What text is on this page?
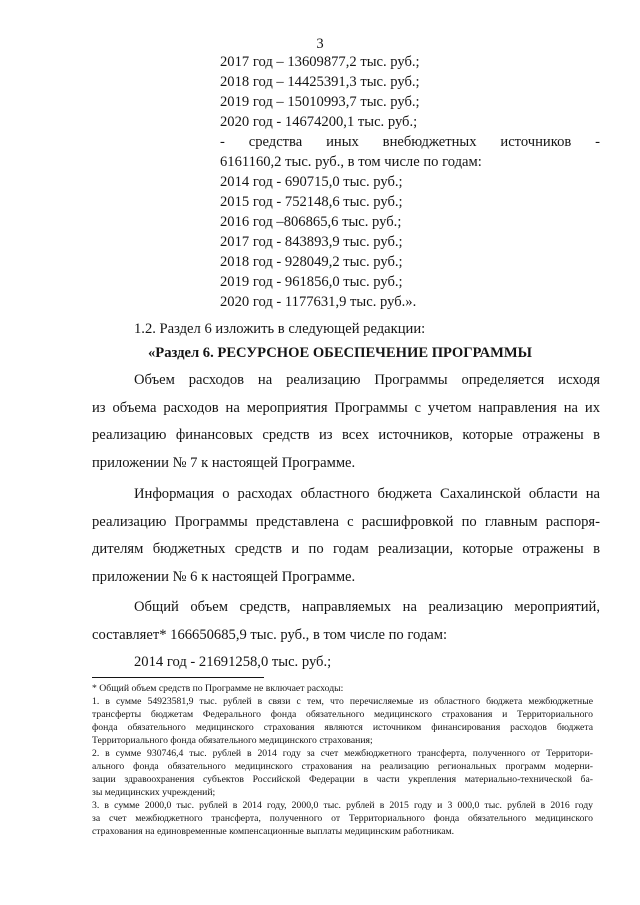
3
2017 год – 13609877,2 тыс. руб.;
2018 год – 14425391,3 тыс. руб.;
2019 год – 15010993,7 тыс. руб.;
2020 год - 14674200,1 тыс. руб.;
- средства иных внебюджетных источников -
6161160,2 тыс. руб., в том числе по годам:
2014 год - 690715,0 тыс. руб.;
2015 год - 752148,6 тыс. руб.;
2016 год –806865,6 тыс. руб.;
2017 год - 843893,9 тыс. руб.;
2018 год - 928049,2 тыс. руб.;
2019 год - 961856,0 тыс. руб.;
2020 год - 1177631,9 тыс. руб.».
1.2. Раздел 6 изложить в следующей редакции:
«Раздел 6. РЕСУРСНОЕ ОБЕСПЕЧЕНИЕ ПРОГРАММЫ
Объем расходов на реализацию Программы определяется исходя
из объема расходов на мероприятия Программы с учетом направления на их
реализацию финансовых средств из всех источников, которые отражены в
приложении № 7 к настоящей Программе.
Информация о расходах областного бюджета Сахалинской области на
реализацию Программы представлена с расшифровкой по главным распоря-
дителям бюджетных средств и по годам реализации, которые отражены в
приложении № 6 к настоящей Программе.
Общий объем средств, направляемых на реализацию мероприятий,
составляет* 166650685,9 тыс. руб., в том числе по годам:
2014 год - 21691258,0 тыс. руб.;
* Общий объем средств по Программе не включает расходы:
1. в сумме 54923581,9 тыс. рублей в связи с тем, что перечисляемые из областного бюджета межбюджетные
трансферты бюджетам Федерального фонда обязательного медицинского страхования и Территориального
фонда обязательного медицинского страхования являются источником финансирования расходов бюджета
Территориального фонда обязательного медицинского страхования;
2. в сумме 930746,4 тыс. рублей в 2014 году за счет межбюджетного трансферта, полученного от Территори-
ального фонда обязательного медицинского страхования на реализацию региональных программ модерни-
зации здравоохранения субъектов Российской Федерации в части укрепления материально-технической ба-
зы медицинских учреждений;
3. в сумме 2000,0 тыс. рублей в 2014 году, 2000,0 тыс. рублей в 2015 году и 3 000,0 тыс. рублей в 2016 году
за счет межбюджетного трансферта, полученного от Территориального фонда обязательного медицинского
страхования на единовременные компенсационные выплаты медицинским работникам.
